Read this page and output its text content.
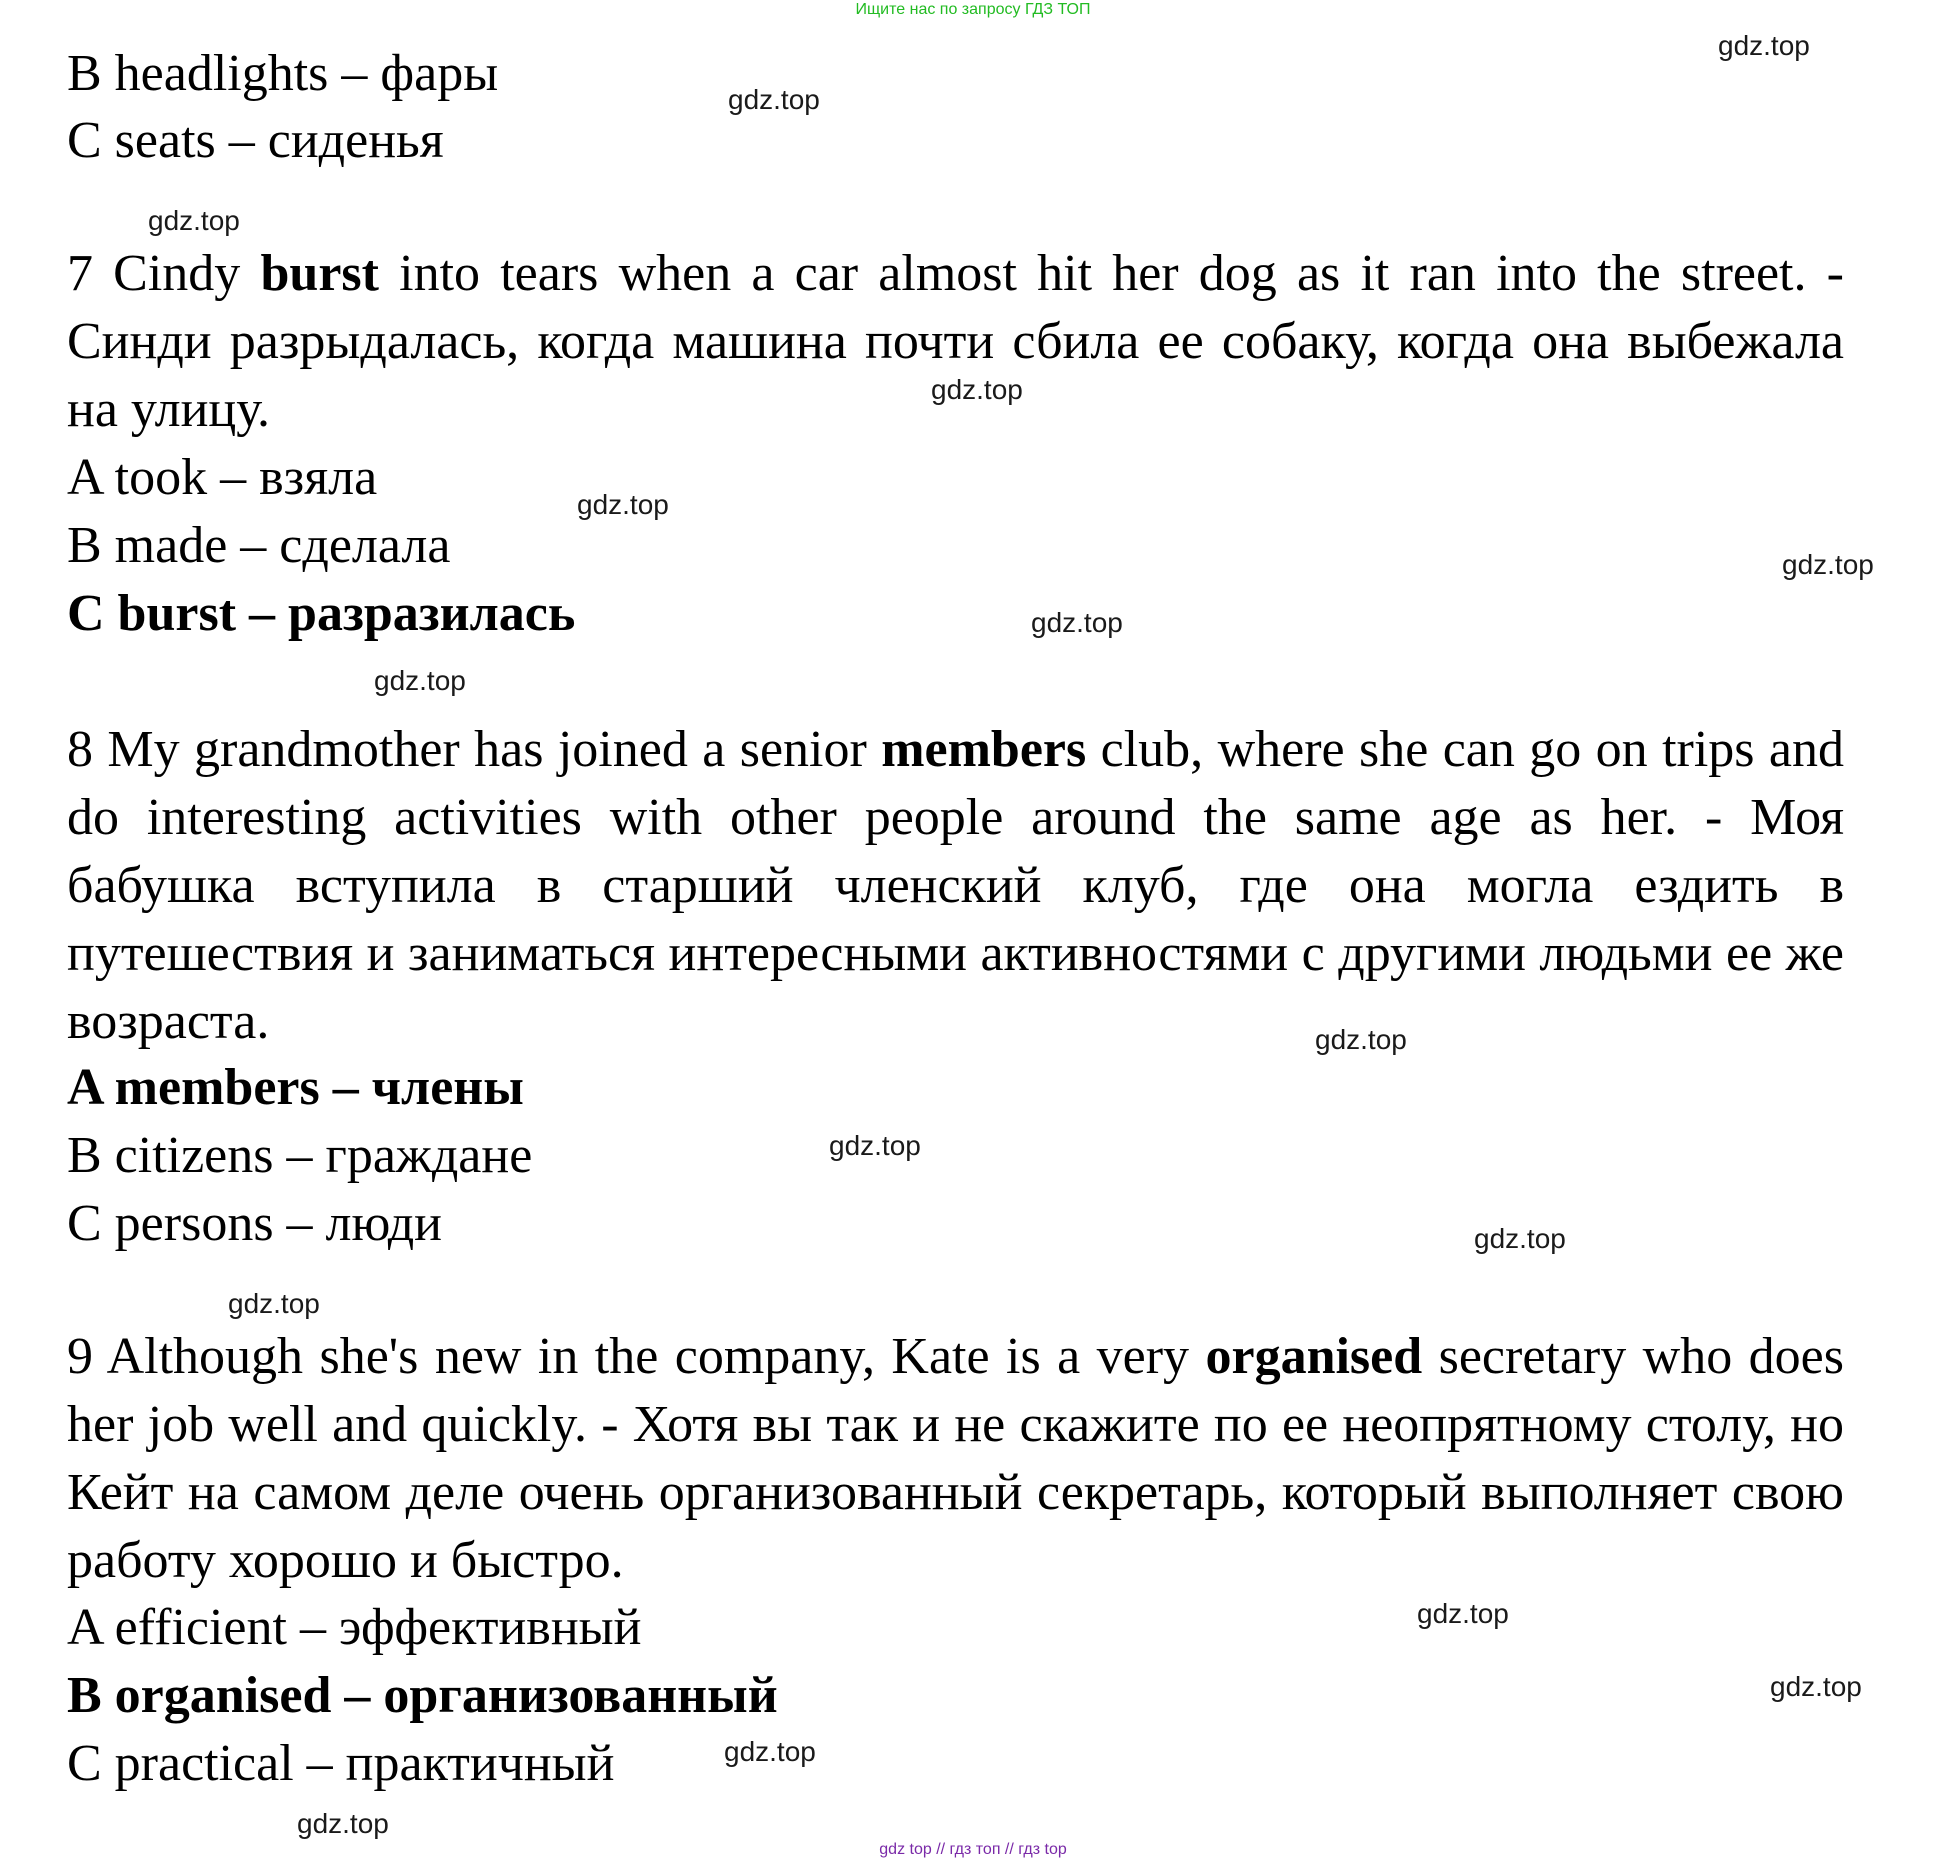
Ищите нас по запросу ГДЗ ТОП
B headlights – фары
C seats – сиденья
7 Cindy burst into tears when a car almost hit her dog as it ran into the street. - Синди разрыдалась, когда машина почти сбила ее собаку, когда она выбежала на улицу.
A took – взяла
B made – сделала
C burst – разразилась
8 My grandmother has joined a senior members club, where she can go on trips and do interesting activities with other people around the same age as her. - Моя бабушка вступила в старший членский клуб, где она могла ездить в путешествия и заниматься интересными активностями с другими людьми ее же возраста.
A members – члены
B citizens – граждане
C persons – люди
9 Although she's new in the company, Kate is a very organised secretary who does her job well and quickly. - Хотя вы так и не скажите по ее неопрятному столу, но Кейт на самом деле очень организованный секретарь, который выполняет свою работу хорошо и быстро.
A efficient – эффективный
B organised – организованный
C practical – практичный
gdz.top
gdz.top
gdz.top
gdz.top
gdz.top
gdz.top
gdz.top
gdz.top
gdz.top
gdz.top
gdz.top
gdz.top
gdz.top
gdz.top
gdz.top
gdz.top
gdz top // гдз топ // гдз top
